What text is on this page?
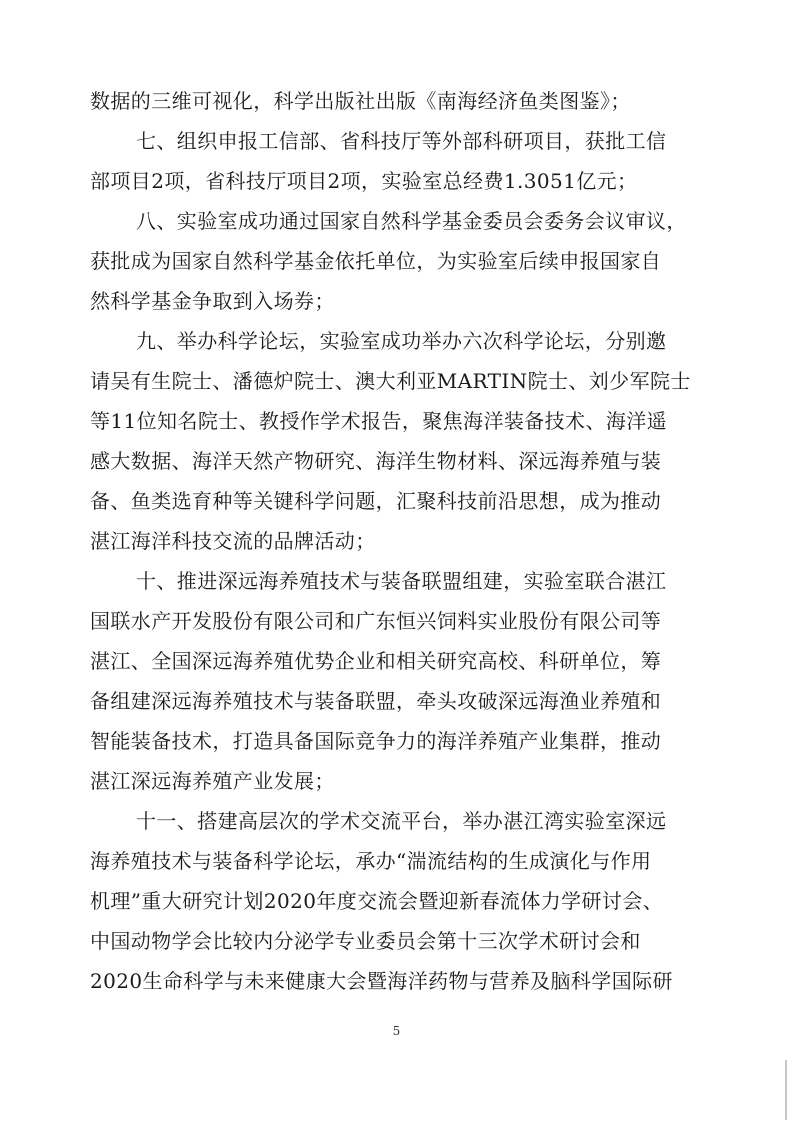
数据的三维可视化，科学出版社出版《南海经济鱼类图鉴》；
七、组织申报工信部、省科技厅等外部科研项目，获批工信
部项目2项，省科技厅项目2项，实验室总经费1.3051亿元；
八、实验室成功通过国家自然科学基金委员会委务会议审议，
获批成为国家自然科学基金依托单位，为实验室后续申报国家自
然科学基金争取到入场券；
九、举办科学论坛，实验室成功举办六次科学论坛，分别邀
请吴有生院士、潘德炉院士、澳大利亚MARTIN院士、刘少军院士
等11位知名院士、教授作学术报告，聚焦海洋装备技术、海洋遥
感大数据、海洋天然产物研究、海洋生物材料、深远海养殖与装
备、鱼类选育种等关键科学问题，汇聚科技前沿思想，成为推动
湛江海洋科技交流的品牌活动；
十、推进深远海养殖技术与装备联盟组建，实验室联合湛江
国联水产开发股份有限公司和广东恒兴饲料实业股份有限公司等
湛江、全国深远海养殖优势企业和相关研究高校、科研单位，筹
备组建深远海养殖技术与装备联盟，牵头攻破深远海渔业养殖和
智能装备技术，打造具备国际竞争力的海洋养殖产业集群，推动
湛江深远海养殖产业发展；
十一、搭建高层次的学术交流平台，举办湛江湾实验室深远
海养殖技术与装备科学论坛，承办“湍流结构的生成演化与作用
机理”重大研究计划2020年度交流会暨迎新春流体力学研讨会、
中国动物学会比较内分泌学专业委员会第十三次学术研讨会和
2020生命科学与未来健康大会暨海洋药物与营养及脑科学国际研
5
